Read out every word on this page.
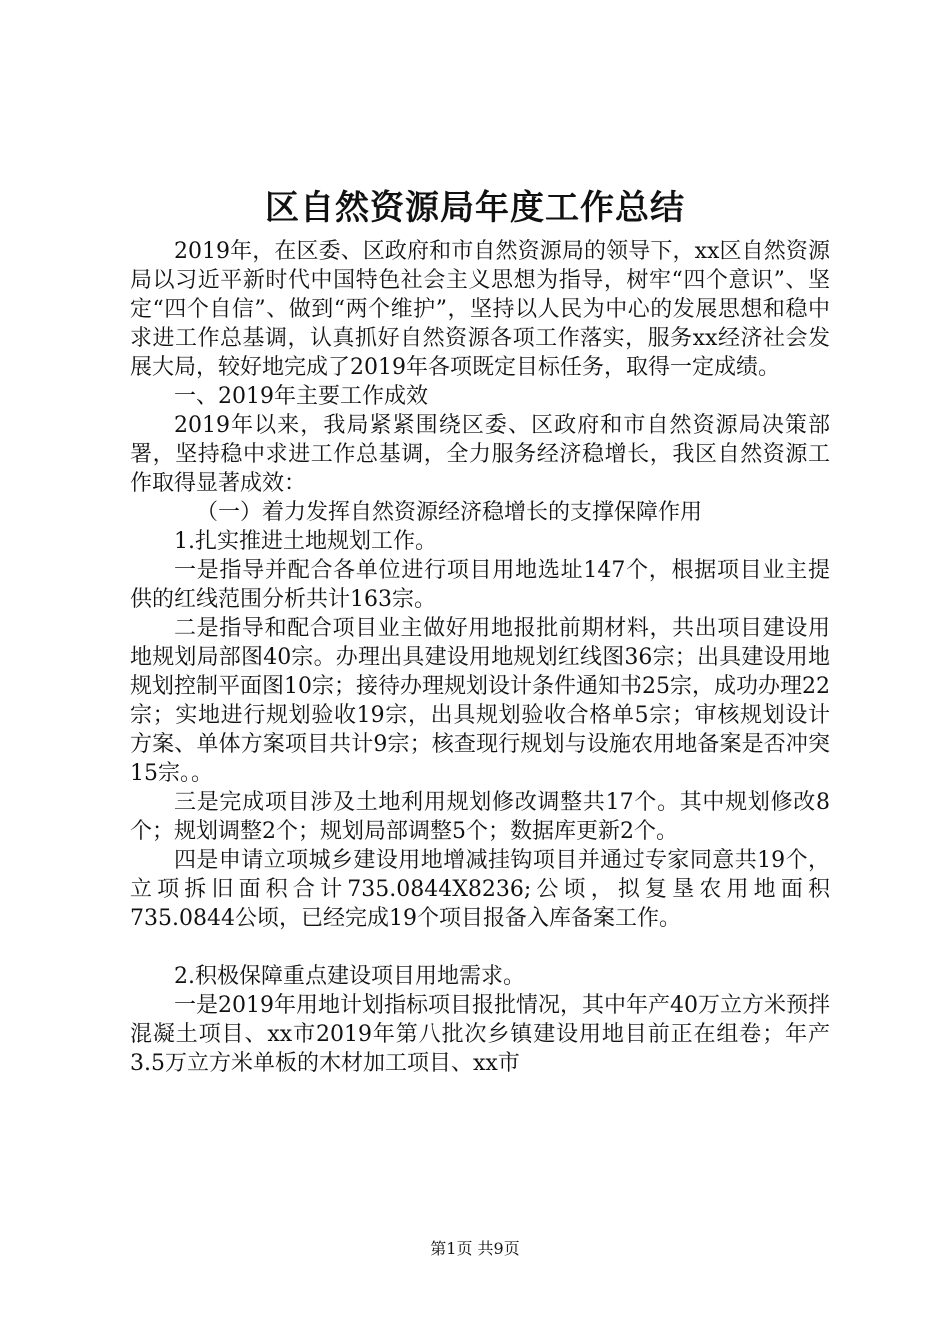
区自然资源局年度工作总结

2019年，在区委、区政府和市自然资源局的领导下，xx区自然资源局以习近平新时代中国特色社会主义思想为指导，树牢“四个意识”、坚定“四个自信”、做到“两个维护”，坚持以人民为中心的发展思想和稳中求进工作总基调，认真抓好自然资源各项工作落实，服务xx经济社会发展大局，较好地完成了2019年各项既定目标任务，取得一定成绩。

一、2019年主要工作成效

2019年以来，我局紧紧围绕区委、区政府和市自然资源局决策部署，坚持稳中求进工作总基调，全力服务经济稳增长，我区自然资源工作取得显著成效：

（一）着力发挥自然资源经济稳增长的支撑保障作用

1.扎实推进土地规划工作。

一是指导并配合各单位进行项目用地选址147个，根据项目业主提供的红线范围分析共计163宗。

二是指导和配合项目业主做好用地报批前期材料，共出项目建设用地规划局部图40宗。办理出具建设用地规划红线图36宗；出具建设用地规划控制平面图10宗；接待办理规划设计条件通知书25宗，成功办理22宗；实地进行规划验收19宗，出具规划验收合格单5宗；审核规划设计方案、单体方案项目共计9宗；核查现行规划与设施农用地备案是否冲突15宗。。

三是完成项目涉及土地利用规划修改调整共17个。其中规划修改8个；规划调整2个；规划局部调整5个；数据库更新2个。

四是申请立项城乡建设用地增减挂钩项目并通过专家同意共19个，立项拆旧面积合计735.0844X8236;公顷，拟复垦农用地面积735.0844公顷，已经完成19个项目报备入库备案工作。

2.积极保障重点建设项目用地需求。

一是2019年用地计划指标项目报批情况，其中年产40万立方米预拌混凝土项目、xx市2019年第八批次乡镇建设用地目前正在组卷；年产3.5万立方米单板的木材加工项目、xx市

第1页 共9页
